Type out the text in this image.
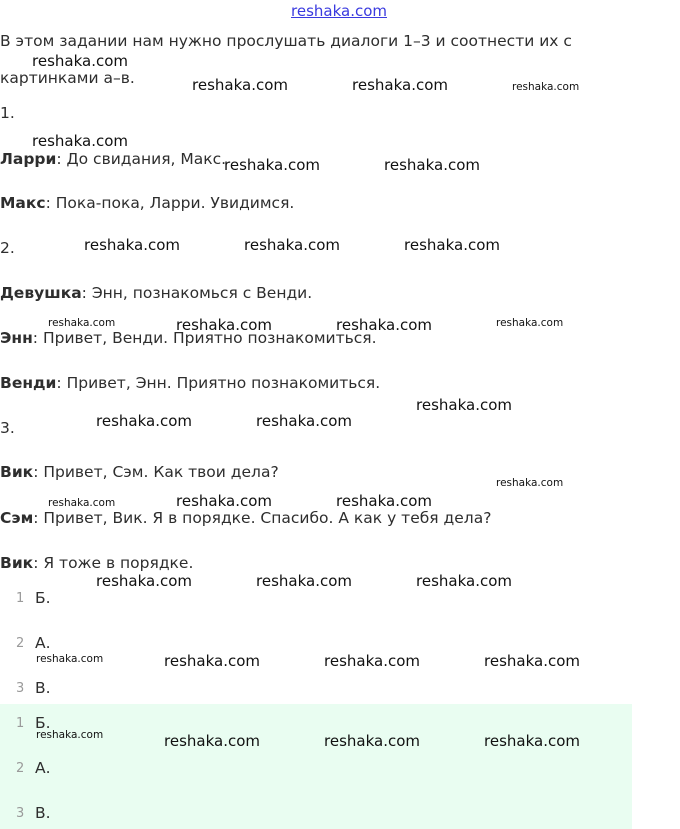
reshaka.com
В этом задании нам нужно прослушать диалоги 1–3 и соотнести их с
картинками а–в.
1.
Ларри: До свидания, Макс.
Макс: Пока-пока, Ларри. Увидимся.
2.
Девушка: Энн, познакомься с Венди.
Энн: Привет, Венди. Приятно познакомиться.
Венди: Привет, Энн. Приятно познакомиться.
3.
Вик: Привет, Сэм. Как твои дела?
Сэм: Привет, Вик. Я в порядке. Спасибо. А как у тебя дела?
Вик: Я тоже в порядке.
1 Б.
2 А.
3 В.
1 Б.
2 А.
3 В.
reshaka.com
reshaka.com	reshaka.com	reshaka.com
reshaka.com
reshaka.com	reshaka.com
reshaka.com	reshaka.com	reshaka.com
reshaka.com	reshaka.com	reshaka.com	reshaka.com
reshaka.com
reshaka.com	reshaka.com
reshaka.com
reshaka.com	reshaka.com	reshaka.com
reshaka.com	reshaka.com	reshaka.com
reshaka.com	reshaka.com	reshaka.com	reshaka.com
reshaka.com	reshaka.com	reshaka.com	reshaka.com
